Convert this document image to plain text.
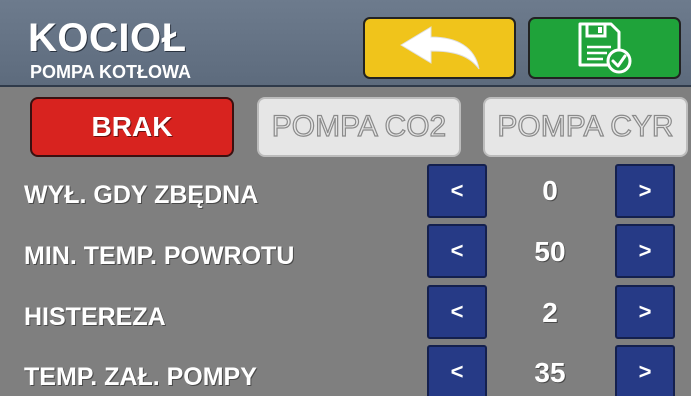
KOCIOŁ
POMPA KOTŁOWA
BRAK	POMPA CO2	POMPA CYR
WYŁ. GDY ZBĘDNA	<	0	>
MIN. TEMP. POWROTU	<	50	>
HISTEREZA	<	2	>
TEMP. ZAŁ. POMPY	<	35	>
